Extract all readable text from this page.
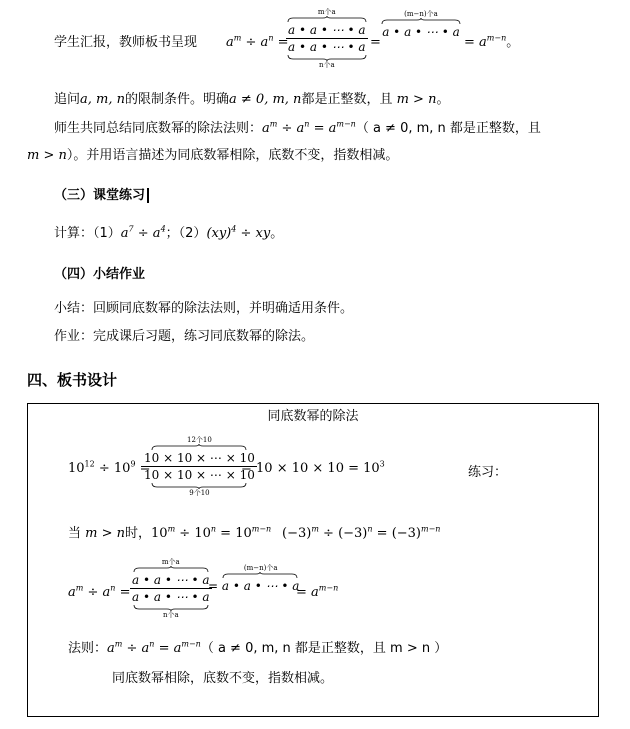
学生汇报，教师板书呈现 $a^m \div a^n$ =
m个a
a • a • ⋯ • a
a • a • ⋯ • a
n个a
=
(m−n)个a
a • a • ⋯ • a
= $a^{m-n}$。
追问a, m, n的限制条件。明确a ≠ 0, m, n都是正整数，且 m > n。
师生共同总结同底数幂的除法法则：$a^m \div a^n = a^{m-n}$（ a ≠ 0, m, n 都是正整数，且
m > n）。并用语言描述为同底数幂相除，底数不变，指数相减。
（三）课堂练习
计算：$(1)a^7 \div a^4$；（2）(xy)$^4$ ÷ xy。
（四）小结作业
小结：回顾同底数幂的除法法则，并明确适用条件。
作业：完成课后习题，练习同底数幂的除法。
四、板书设计
同底数幂的除法
$10^{12} \div 10^9$ =
12个10
10 × 10 × ⋯ × 10
10 × 10 × ⋯ × 10
9个10
= $10 \times 10 \times 10 = 10^3$
练习：
当 m > n时，$10^m \div 10^n = 10^{m-n}$ $(-3)^m \div (-3)^n = (-3)^{m-n}$
$a^m \div a^n$ =
m个a
a • a • ⋯ • a
a • a • ⋯ • a
n个a
(m−n)个a
= a • a • ⋯ • a
= $a^{m-n}$
法则：$a^m \div a^n = a^{m-n}$（ a ≠ 0, m, n 都是正整数，且 m > n ）
同底数幂相除，底数不变，指数相减。
